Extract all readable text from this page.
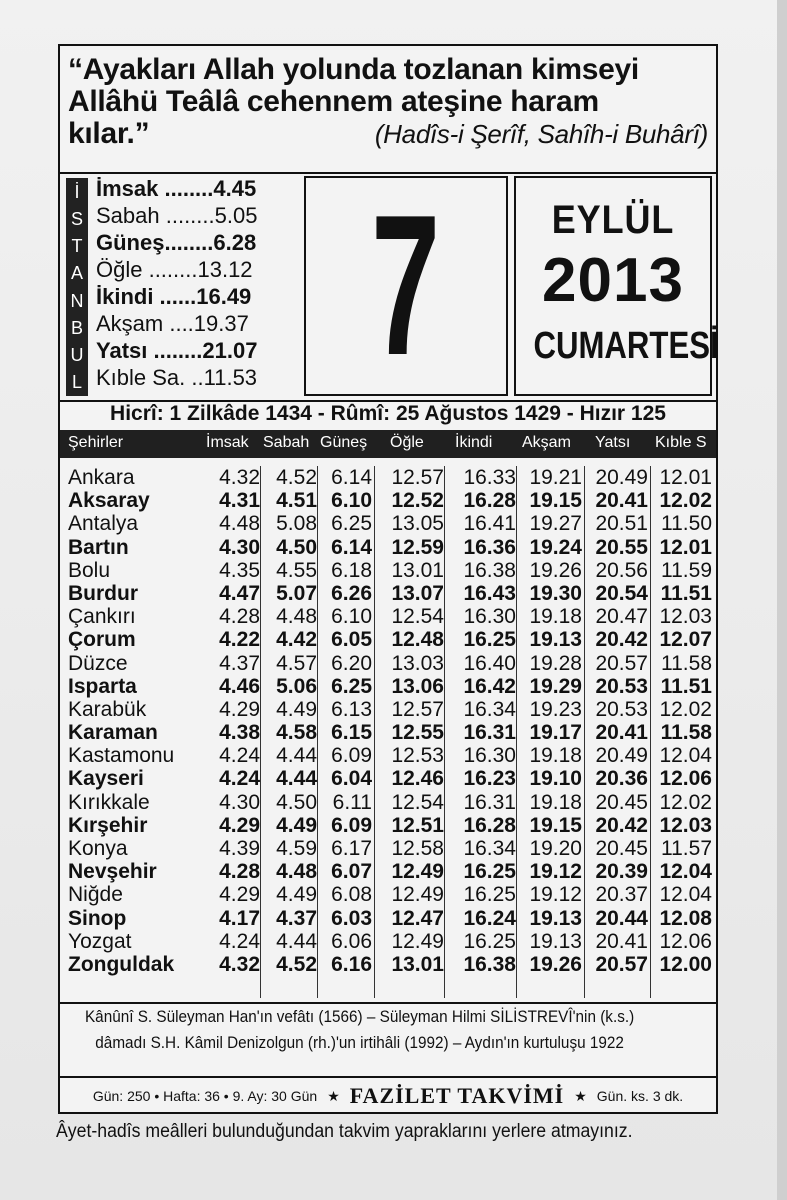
“Ayakları Allah yolunda tozlanan kimseyi
Allâhü Teâlâ cehennem ateşine haram
kılar.”	(Hadîs-i Şerîf, Sahîh-i Buhârî)
İ
S
T
A
N
B
U
L
İmsak ........4.45
Sabah ........5.05
Güneş........6.28
Öğle ........13.12
İkindi ......16.49
Akşam ....19.37
Yatsı ........21.07
Kıble Sa. ..11.53 7	EYLÜL
2013
CUMARTESİ
Hicrî: 1 Zilkâde 1434 - Rûmî: 25 Ağustos 1429 - Hızır 125
Şehirler	İmsak Sabah Güneş Öğle İkindi Akşam Yatsı Kıble S
Ankara	4.32 4.52 6.14 12.57 16.33 19.21 20.49 12.01
Aksaray	4.31 4.51 6.10 12.52 16.28 19.15 20.41 12.02
Antalya	4.48 5.08 6.25 13.05 16.41 19.27 20.51 11.50
Bartın	4.30 4.50 6.14 12.59 16.36 19.24 20.55 12.01
Bolu	4.35 4.55 6.18 13.01 16.38 19.26 20.56 11.59
Burdur	4.47 5.07 6.26 13.07 16.43 19.30 20.54 11.51
Çankırı	4.28 4.48 6.10 12.54 16.30 19.18 20.47 12.03
Çorum	4.22 4.42 6.05 12.48 16.25 19.13 20.42 12.07
Düzce	4.37 4.57 6.20 13.03 16.40 19.28 20.57 11.58
Isparta	4.46 5.06 6.25 13.06 16.42 19.29 20.53 11.51
Karabük	4.29 4.49 6.13 12.57 16.34 19.23 20.53 12.02
Karaman	4.38 4.58 6.15 12.55 16.31 19.17 20.41 11.58
Kastamonu	4.24 4.44 6.09 12.53 16.30 19.18 20.49 12.04
Kayseri	4.24 4.44 6.04 12.46 16.23 19.10 20.36 12.06
Kırıkkale	4.30 4.50 6.11 12.54 16.31 19.18 20.45 12.02
Kırşehir	4.29 4.49 6.09 12.51 16.28 19.15 20.42 12.03
Konya	4.39 4.59 6.17 12.58 16.34 19.20 20.45 11.57
Nevşehir	4.28 4.48 6.07 12.49 16.25 19.12 20.39 12.04
Niğde	4.29 4.49 6.08 12.49 16.25 19.12 20.37 12.04
Sinop	4.17 4.37 6.03 12.47 16.24 19.13 20.44 12.08
Yozgat	4.24 4.44 6.06 12.49 16.25 19.13 20.41 12.06
Zonguldak	4.32 4.52 6.16 13.01 16.38 19.26 20.57 12.00
Kânûnî S. Süleyman Han'ın vefâtı (1566) – Süleyman Hilmi SİLİSTREVÎ'nin (k.s.)
dâmadı S.H. Kâmil Denizolgun (rh.)'un irtihâli (1992) – Aydın'ın kurtuluşu 1922
Gün: 250 • Hafta: 36 • 9. Ay: 30 Gün ★ FAZİLET TAKVİMİ ★ Gün. ks. 3 dk.
Âyet-hadîs meâlleri bulunduğundan takvim yapraklarını yerlere atmayınız.
